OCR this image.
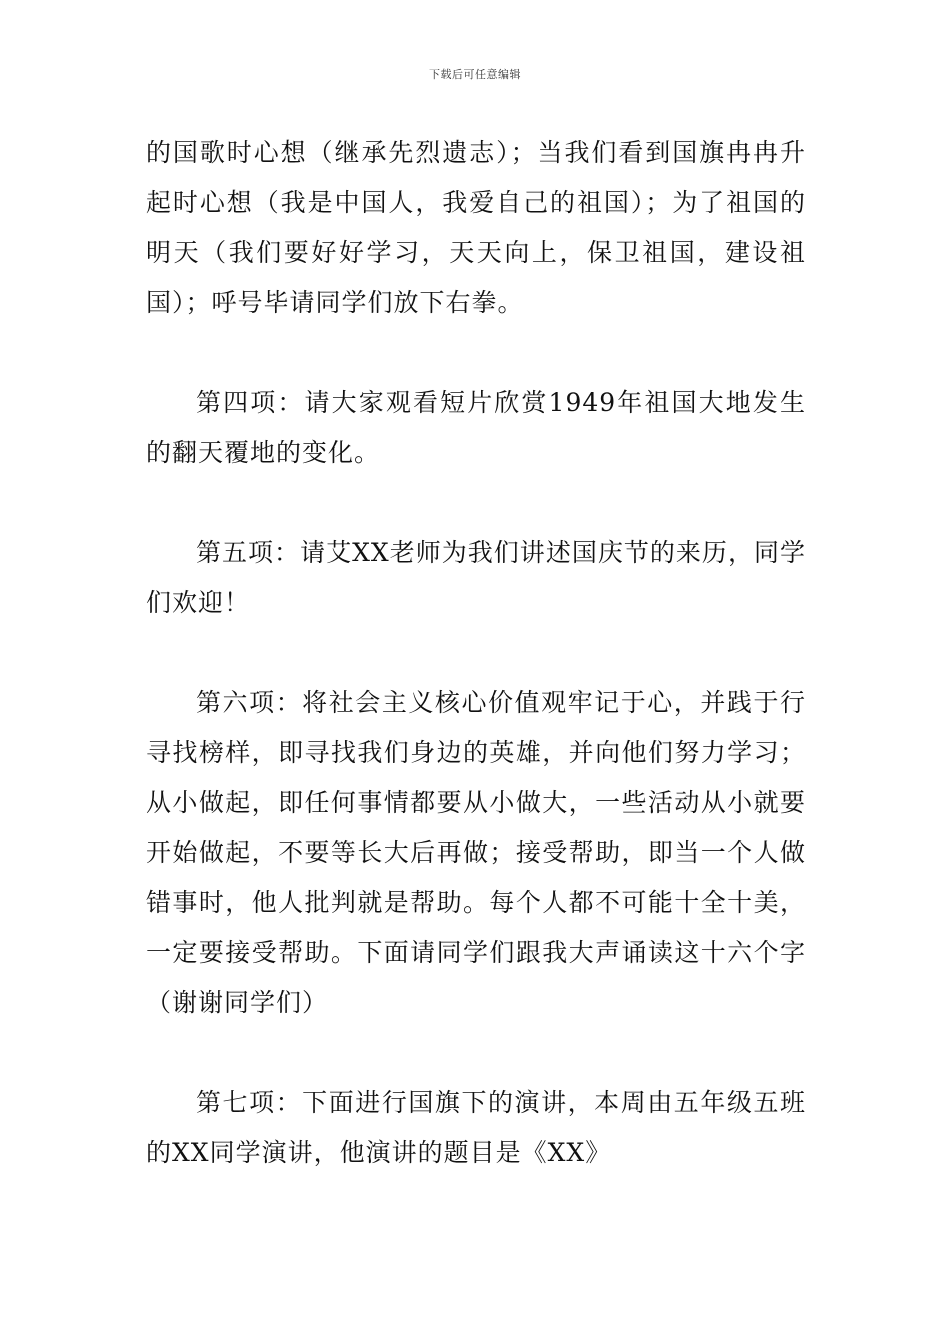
下载后可任意编辑

的国歌时心想（继承先烈遗志）；当我们看到国旗冉冉升起时心想（我是中国人，我爱自己的祖国）；为了祖国的明天（我们要好好学习，天天向上，保卫祖国，建设祖国）；呼号毕请同学们放下右拳。

第四项：请大家观看短片欣赏1949年祖国大地发生的翻天覆地的变化。

第五项：请艾XX老师为我们讲述国庆节的来历，同学们欢迎！

第六项：将社会主义核心价值观牢记于心，并践于行寻找榜样，即寻找我们身边的英雄，并向他们努力学习；从小做起，即任何事情都要从小做大，一些活动从小就要开始做起，不要等长大后再做；接受帮助，即当一个人做错事时，他人批判就是帮助。每个人都不可能十全十美，一定要接受帮助。下面请同学们跟我大声诵读这十六个字（谢谢同学们）

第七项：下面进行国旗下的演讲，本周由五年级五班的XX同学演讲，他演讲的题目是《XX》
